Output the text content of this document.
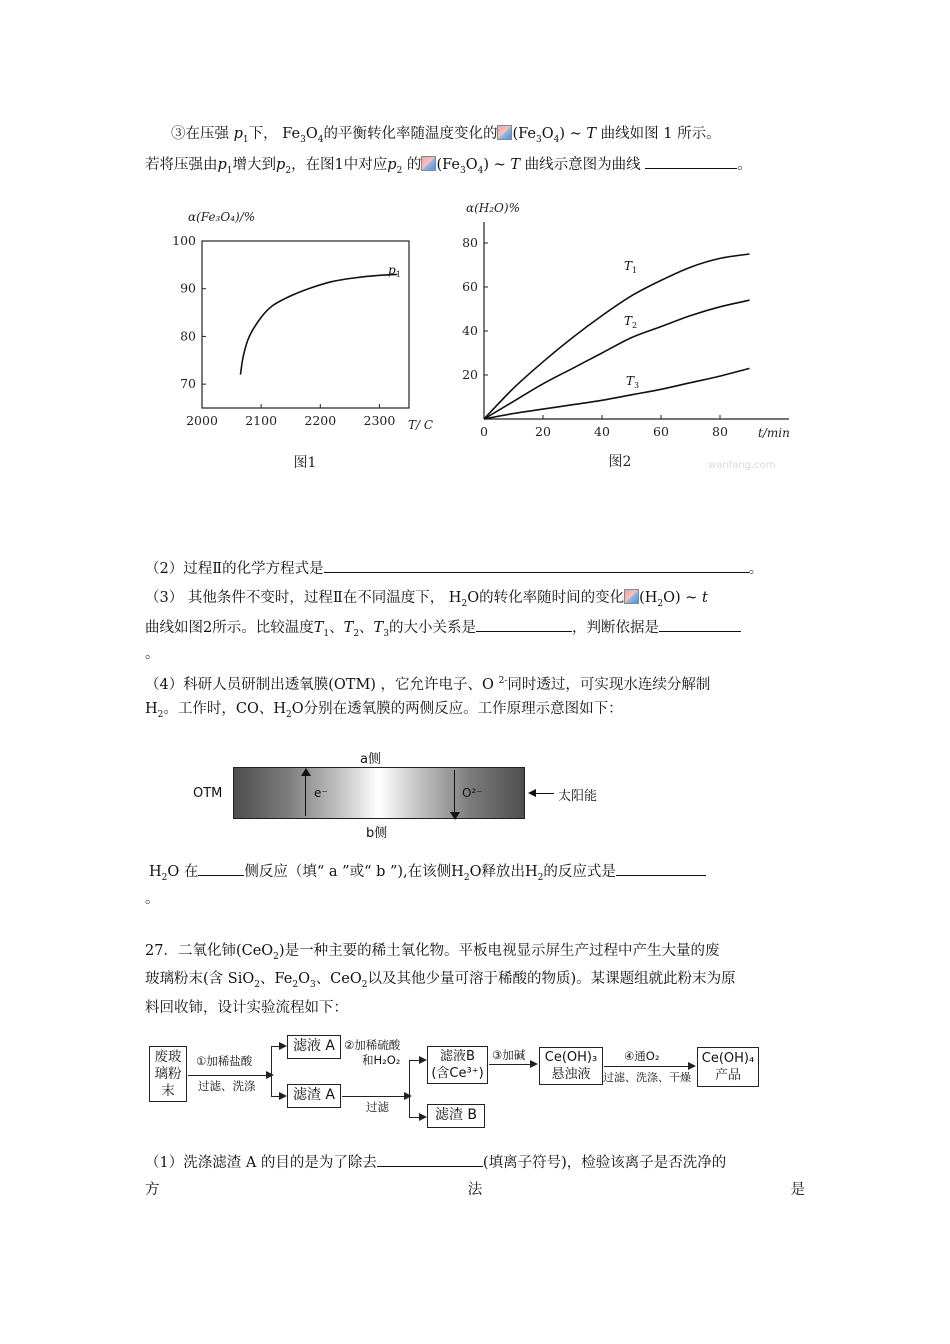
③在压强 $p_1$下， $Fe_3O_4$的平衡转化率随温度变化的 $(Fe_3O_4)$ ~ T 曲线如图 1 所示。
若将压强由$p_1$增大到$p_2$，在图1中对应$p_2$ 的 $(Fe_3O_4)$ ~ T 曲线示意图为曲线	。
2000 2100 2200 2300
70
80
90
100
α(Fe₃O₄)/%
T/ C
图1
$p_1$
0	20	40	60	80
20
40
60
80
α(H₂O)%
t/min
图2
$T_1$
$T_2$
$T_3$
wanfang.com
（2）过程Ⅱ的化学方程式是	。
（3） 其他条件不变时，过程Ⅱ在不同温度下， $H_2O$的转化率随时间的变化 $(H_2O)$ ~ t
曲线如图2所示。比较温度$T_1$、$T_2$、$T_3$的大小关系是	，判断依据是
。
（4）科研人员研制出透氧膜(OTM) ，它允许电子、O $^{2-}$同时透过，可实现水连续分解制
$H_2$。工作时，CO、$H_2O$分别在透氧膜的两侧反应。工作原理示意图如下：
a侧
OTM	e⁻	O²⁻	太阳能
b侧
$H_2O$ 在	侧反应（填“ a ”或“ b ”),在该侧$H_2O$释放出$H_2$的反应式是
。
27．二氧化铈(CeO$_2$)是一种主要的稀土氧化物。平板电视显示屏生产过程中产生大量的废
玻璃粉末(含 SiO$_2$、$Fe_2O_3$、CeO$_2$以及其他少量可溶于稀酸的物质)。某课题组就此粉末为原
料回收铈，设计实验流程如下：
废玻
璃粉
末
①加稀盐酸
过滤、洗涤
滤液 A
滤渣 A
②加稀硫酸
和H₂O₂
过滤
滤液B
(含Ce³⁺)
滤渣 B
③加碱	Ce(OH)₃
悬浊液
④通O₂
过滤、洗涤、干燥
Ce(OH)₄
产品
（1）洗涤滤渣 A 的目的是为了除去	(填离子符号)，检验该离子是否洗净的
方	法	是
